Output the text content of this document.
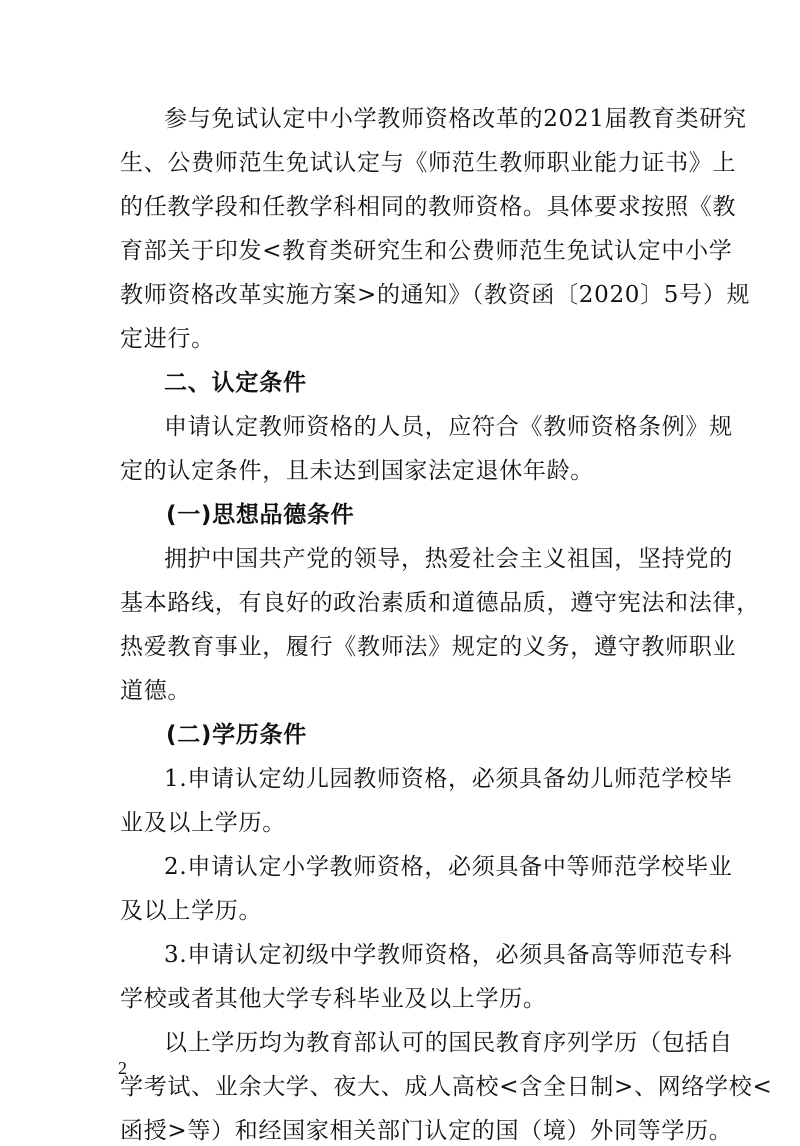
参与免试认定中小学教师资格改革的2021届教育类研究
生、公费师范生免试认定与《师范生教师职业能力证书》上
的任教学段和任教学科相同的教师资格。具体要求按照《教
育部关于印发<教育类研究生和公费师范生免试认定中小学
教师资格改革实施方案>的通知》（教资函〔2020〕5号）规
定进行。
二、认定条件
申请认定教师资格的人员，应符合《教师资格条例》规
定的认定条件，且未达到国家法定退休年龄。
(一)思想品德条件
拥护中国共产党的领导，热爱社会主义祖国，坚持党的
基本路线，有良好的政治素质和道德品质，遵守宪法和法律，
热爱教育事业，履行《教师法》规定的义务，遵守教师职业
道德。
(二)学历条件
1.申请认定幼儿园教师资格，必须具备幼儿师范学校毕
业及以上学历。
2.申请认定小学教师资格，必须具备中等师范学校毕业
及以上学历。
3.申请认定初级中学教师资格，必须具备高等师范专科
学校或者其他大学专科毕业及以上学历。
以上学历均为教育部认可的国民教育序列学历（包括自
学考试、业余大学、夜大、成人高校<含全日制>、网络学校<
函授>等）和经国家相关部门认定的国（境）外同等学历。
2
